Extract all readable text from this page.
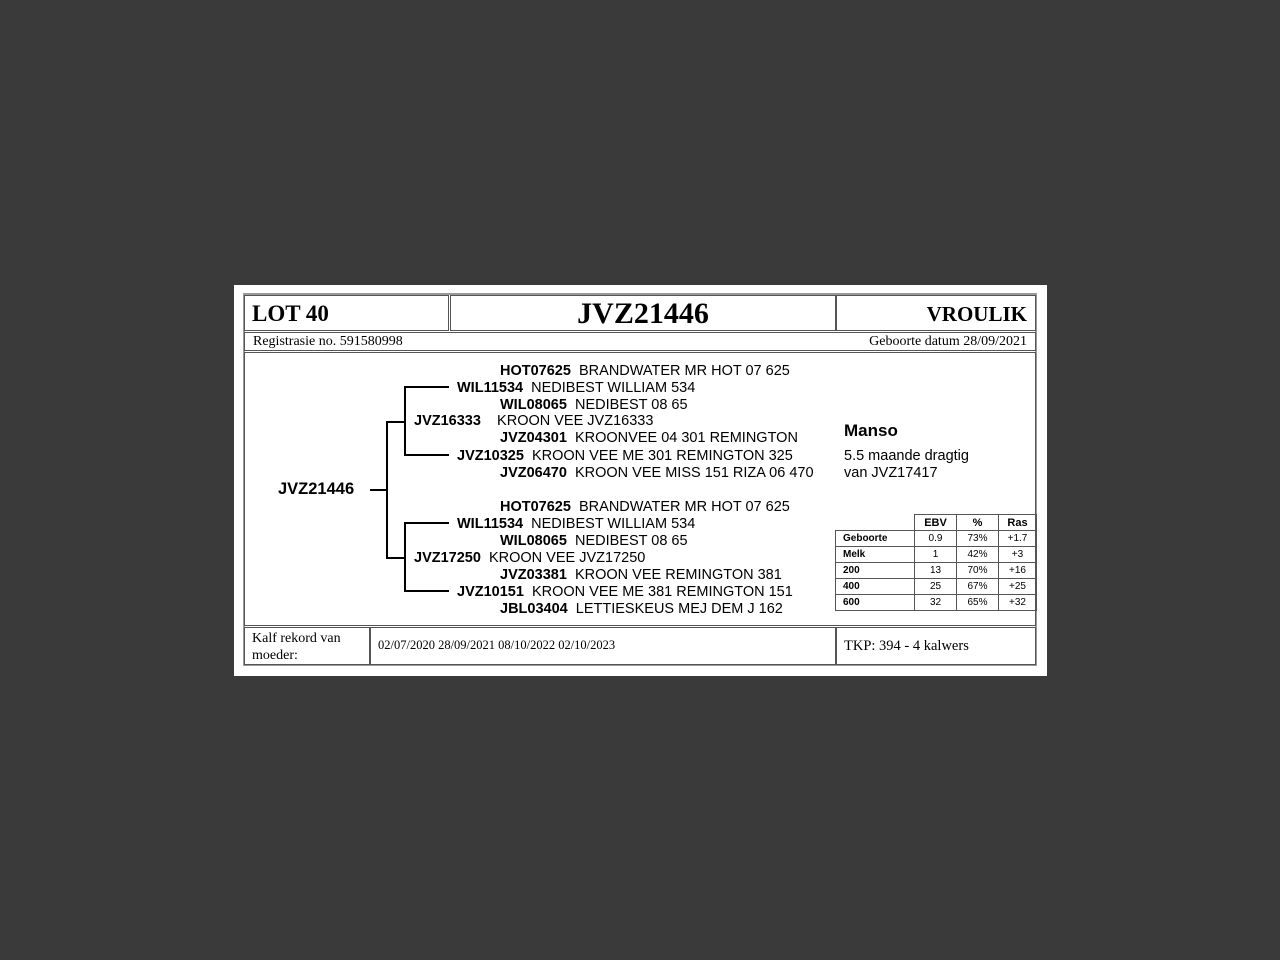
LOT 40	JVZ21446	VROULIK
Registrasie no. 591580998	Geboorte datum 28/09/2021
JVZ21446
HOT07625 BRANDWATER MR HOT 07 625
WIL11534 NEDIBEST WILLIAM 534
WIL08065 NEDIBEST 08 65
JVZ16333 KROON VEE JVZ16333
JVZ04301 KROONVEE 04 301 REMINGTON
JVZ10325 KROON VEE ME 301 REMINGTON 325
JVZ06470 KROON VEE MISS 151 RIZA 06 470
HOT07625 BRANDWATER MR HOT 07 625
WIL11534 NEDIBEST WILLIAM 534
WIL08065 NEDIBEST 08 65
JVZ17250 KROON VEE JVZ17250
JVZ03381 KROON VEE REMINGTON 381
JVZ10151 KROON VEE ME 381 REMINGTON 151
JBL03404 LETTIESKEUS MEJ DEM J 162
Manso
5.5 maande dragtig
van JVZ17417
	EBV	%	Ras
Geboorte	0.9	73%	+1.7
Melk	1	42%	+3
200	13	70%	+16
400	25	67%	+25
600	32	65%	+32
Kalf rekord van moeder:
02/07/2020 28/09/2021 08/10/2022 02/10/2023	TKP: 394 - 4 kalwers
